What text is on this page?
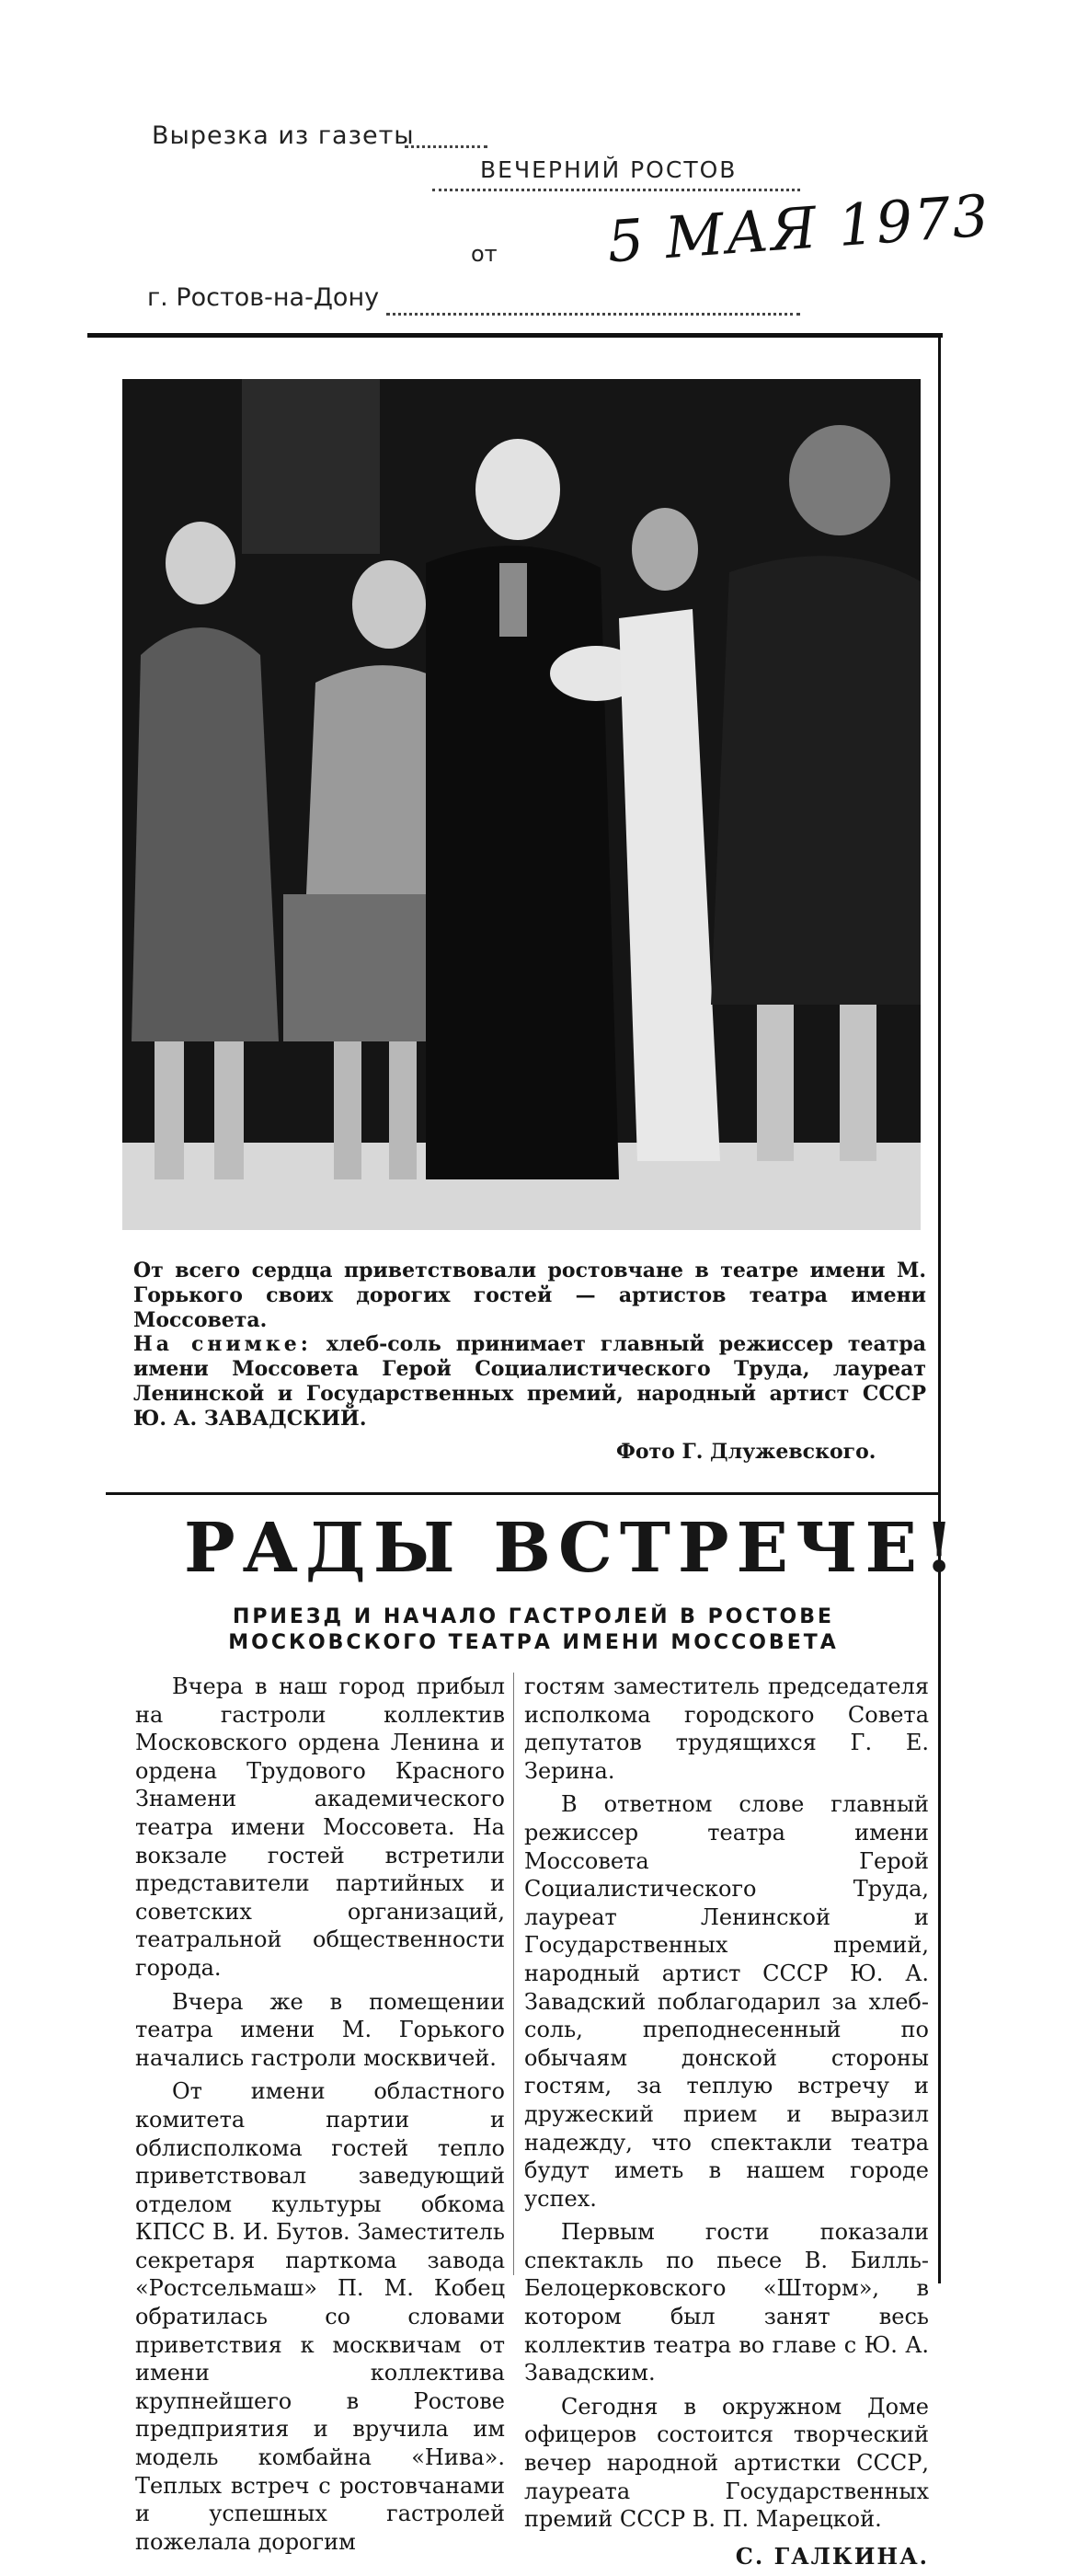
Вырезка из газеты
ВЕЧЕРНИЙ РОСТОВ
от 5 МАЯ 1973
г. Ростов-на-Дону
От всего сердца приветствовали ростовчане в театре имени М. Горького своих дорогих гостей — артистов театра имени Моссовета.
На снимке: хлеб-соль принимает главный режиссер театра имени Моссовета Герой Социалистического Труда, лауреат Ленинской и Государственных премий, народный артист СССР Ю. А. ЗАВАДСКИЙ.
Фото Г. Длужевского.
РАДЫ ВСТРЕЧЕ!
ПРИЕЗД И НАЧАЛО ГАСТРОЛЕЙ В РОСТОВЕ
МОСКОВСКОГО ТЕАТРА ИМЕНИ МОССОВЕТА

Вчера в наш город прибыл на гастроли коллектив Московского ордена Ленина и ордена Трудового Красного Знамени академического театра имени Моссовета. На вокзале гостей встретили представители партийных и советских организаций, театральной общественности города.

Вчера же в помещении театра имени М. Горького начались гастроли москвичей.

От имени областного комитета партии и облисполкома гостей тепло приветствовал заведующий отделом культуры обкома КПСС В. И. Бутов. Заместитель секретаря парткома завода «Ростсельмаш» П. М. Кобец обратилась со словами приветствия к москвичам от имени коллектива крупнейшего в Ростове предприятия и вручила им модель комбайна «Нива». Теплых встреч с ростовчанами и успешных гастролей пожелала дорогим

гостям заместитель председателя исполкома городского Совета депутатов трудящихся Г. Е. Зерина.

В ответном слове главный режиссер театра имени Моссовета Герой Социалистического Труда, лауреат Ленинской и Государственных премий, народный артист СССР Ю. А. Завадский поблагодарил за хлеб-соль, преподнесенный по обычаям донской стороны гостям, за теплую встречу и дружеский прием и выразил надежду, что спектакли театра будут иметь в нашем городе успех.

Первым гости показали спектакль по пьесе В. Билль-Белоцерковского «Шторм», в котором был занят весь коллектив театра во главе с Ю. А. Завадским.

Сегодня в окружном Доме офицеров состоится творческий вечер народной артистки СССР, лауреата Государственных премий СССР В. П. Марецкой.

С. ГАЛКИНА.
